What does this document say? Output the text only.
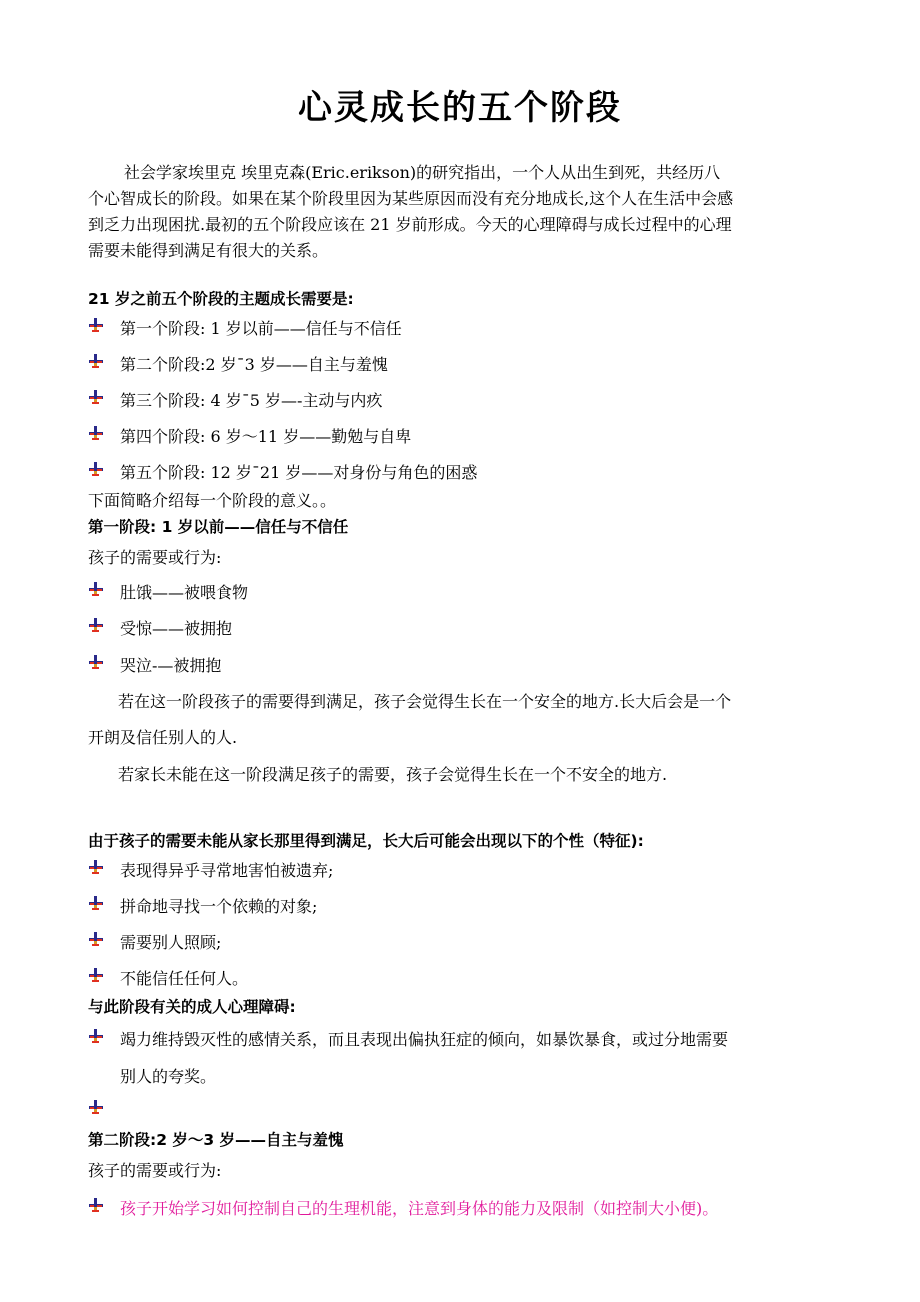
心灵成长的五个阶段
社会学家埃里克 埃里克森(Eric.erikson)的研究指出，一个人从出生到死，共经历八
个心智成长的阶段。如果在某个阶段里因为某些原因而没有充分地成长,这个人在生活中会感
到乏力出现困扰.最初的五个阶段应该在 21 岁前形成。今天的心理障碍与成长过程中的心理
需要未能得到满足有很大的关系。
21 岁之前五个阶段的主题成长需要是:
第一个阶段: 1 岁以前——信任与不信任
第二个阶段:2 岁¯3 岁——自主与羞愧
第三个阶段: 4 岁¯5 岁—-主动与内疚
第四个阶段: 6 岁～11 岁——勤勉与自卑
第五个阶段: 12 岁¯21 岁——对身份与角色的困惑
下面简略介绍每一个阶段的意义。。
第一阶段: 1 岁以前——信任与不信任
孩子的需要或行为:
肚饿——被喂食物
受惊——被拥抱
哭泣-—被拥抱
若在这一阶段孩子的需要得到满足，孩子会觉得生长在一个安全的地方.长大后会是一个
开朗及信任别人的人.
若家长未能在这一阶段满足孩子的需要，孩子会觉得生长在一个不安全的地方.
由于孩子的需要未能从家长那里得到满足，长大后可能会出现以下的个性（特征):
表现得异乎寻常地害怕被遗弃;
拼命地寻找一个依赖的对象;
需要别人照顾;
不能信任任何人。
与此阶段有关的成人心理障碍:
竭力维持毁灭性的感情关系，而且表现出偏执狂症的倾向，如暴饮暴食，或过分地需要
别人的夸奖。
第二阶段:2 岁～3 岁——自主与羞愧
孩子的需要或行为:
孩子开始学习如何控制自己的生理机能，注意到身体的能力及限制（如控制大小便)。
